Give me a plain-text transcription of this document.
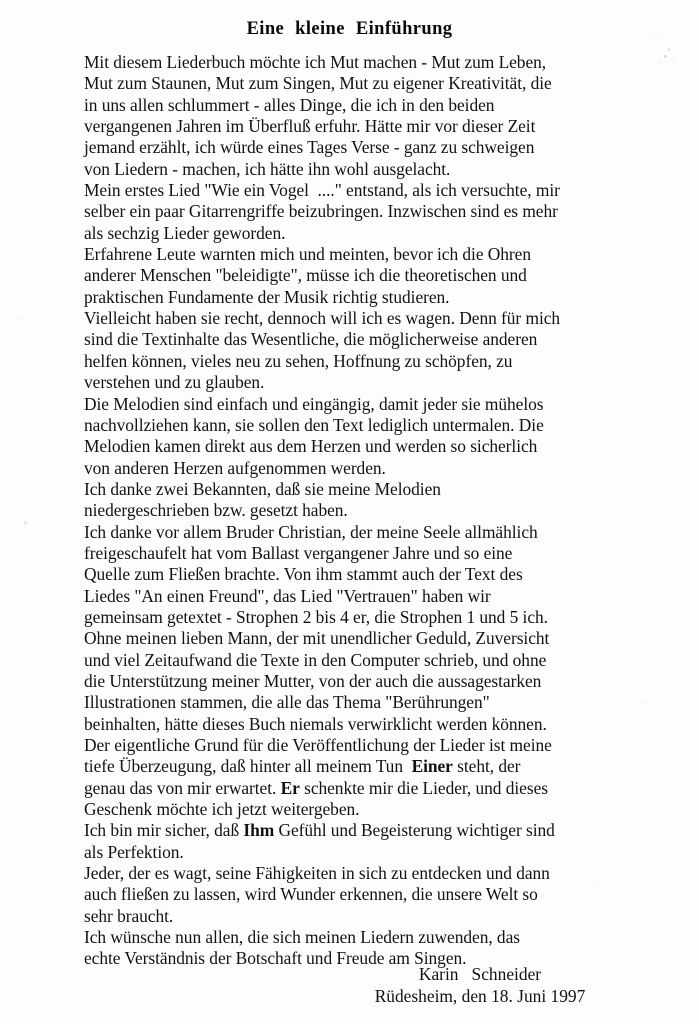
Eine kleine Einführung
Mit diesem Liederbuch möchte ich Mut machen - Mut zum Leben,
Mut zum Staunen, Mut zum Singen, Mut zu eigener Kreativität, die
in uns allen schlummert - alles Dinge, die ich in den beiden
vergangenen Jahren im Überfluß erfuhr. Hätte mir vor dieser Zeit
jemand erzählt, ich würde eines Tages Verse - ganz zu schweigen
von Liedern - machen, ich hätte ihn wohl ausgelacht.
Mein erstes Lied "Wie ein Vogel  ...." entstand, als ich versuchte, mir
selber ein paar Gitarrengriffe beizubringen. Inzwischen sind es mehr
als sechzig Lieder geworden.
Erfahrene Leute warnten mich und meinten, bevor ich die Ohren
anderer Menschen "beleidigte", müsse ich die theoretischen und
praktischen Fundamente der Musik richtig studieren.
Vielleicht haben sie recht, dennoch will ich es wagen. Denn für mich
sind die Textinhalte das Wesentliche, die möglicherweise anderen
helfen können, vieles neu zu sehen, Hoffnung zu schöpfen, zu
verstehen und zu glauben.
Die Melodien sind einfach und eingängig, damit jeder sie mühelos
nachvollziehen kann, sie sollen den Text lediglich untermalen. Die
Melodien kamen direkt aus dem Herzen und werden so sicherlich
von anderen Herzen aufgenommen werden.
Ich danke zwei Bekannten, daß sie meine Melodien
niedergeschrieben bzw. gesetzt haben.
Ich danke vor allem Bruder Christian, der meine Seele allmählich
freigeschaufelt hat vom Ballast vergangener Jahre und so eine
Quelle zum Fließen brachte. Von ihm stammt auch der Text des
Liedes "An einen Freund", das Lied "Vertrauen" haben wir
gemeinsam getextet - Strophen 2 bis 4 er, die Strophen 1 und 5 ich.
Ohne meinen lieben Mann, der mit unendlicher Geduld, Zuversicht
und viel Zeitaufwand die Texte in den Computer schrieb, und ohne
die Unterstützung meiner Mutter, von der auch die aussagestarken
Illustrationen stammen, die alle das Thema "Berührungen"
beinhalten, hätte dieses Buch niemals verwirklicht werden können.
Der eigentliche Grund für die Veröffentlichung der Lieder ist meine
tiefe Überzeugung, daß hinter all meinem Tun  Einer steht, der
genau das von mir erwartet. Er schenkte mir die Lieder, und dieses
Geschenk möchte ich jetzt weitergeben.
Ich bin mir sicher, daß Ihm Gefühl und Begeisterung wichtiger sind
als Perfektion.
Jeder, der es wagt, seine Fähigkeiten in sich zu entdecken und dann
auch fließen zu lassen, wird Wunder erkennen, die unsere Welt so
sehr braucht.
Ich wünsche nun allen, die sich meinen Liedern zuwenden, das
echte Verständnis der Botschaft und Freude am Singen.
Karin   Schneider
Rüdesheim, den 18. Juni 1997
